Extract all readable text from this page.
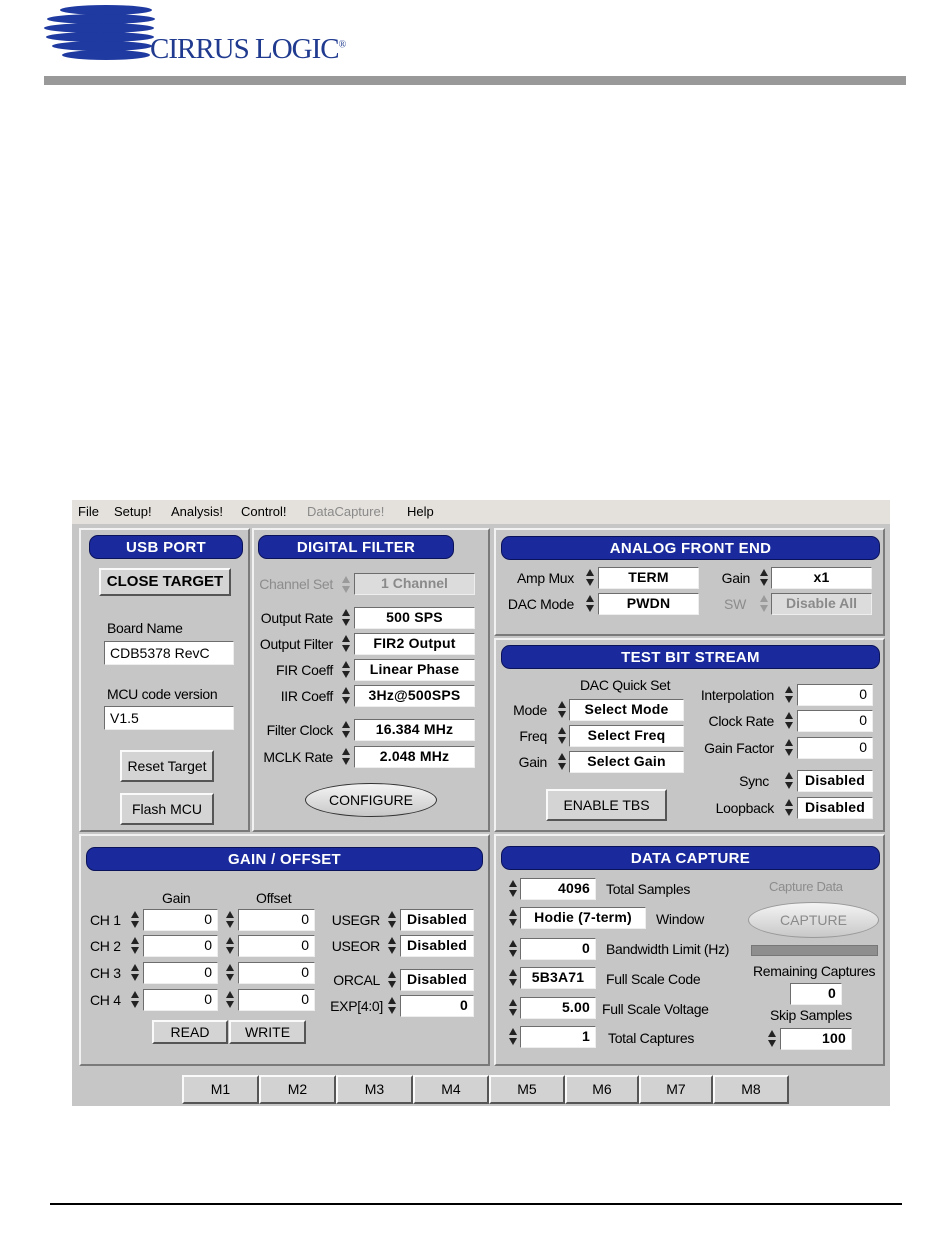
CIRRUS LOGIC®
File Setup! Analysis! Control! DataCapture! Help
USB PORT
CLOSE TARGET
Board Name
CDB5378 RevC
MCU code version
V1.5
Reset Target
Flash MCU
DIGITAL FILTER
Channel Set	1 Channel
Output Rate	500 SPS
Output Filter	FIR2 Output
FIR Coeff	Linear Phase
IIR Coeff	3Hz@500SPS
Filter Clock	16.384 MHz
MCLK Rate	2.048 MHz
CONFIGURE
ANALOG FRONT END
Amp Mux	TERM
DAC Mode	PWDN
Gain	x1
SW	Disable All
TEST BIT STREAM
DAC Quick Set
Mode	Select Mode
Freq	Select Freq
Gain	Select Gain
ENABLE TBS
Interpolation	0
Clock Rate	0
Gain Factor	0
Sync	Disabled
Loopback	Disabled
GAIN / OFFSET
Gain	Offset
CH 1	0	0
CH 2	0	0
CH 3	0	0
CH 4	0	0
USEGR	Disabled
USEOR	Disabled
ORCAL	Disabled
EXP[4:0]	0
READ	WRITE
DATA CAPTURE
4096	Total Samples
Hodie (7-term)	Window
0	Bandwidth Limit (Hz)
5B3A71	Full Scale Code
5.00 Full Scale Voltage
1	Total Captures
Capture Data
CAPTURE
Remaining Captures
0
Skip Samples
100
M1	M2	M3	M4	M5	M6	M7	M8
